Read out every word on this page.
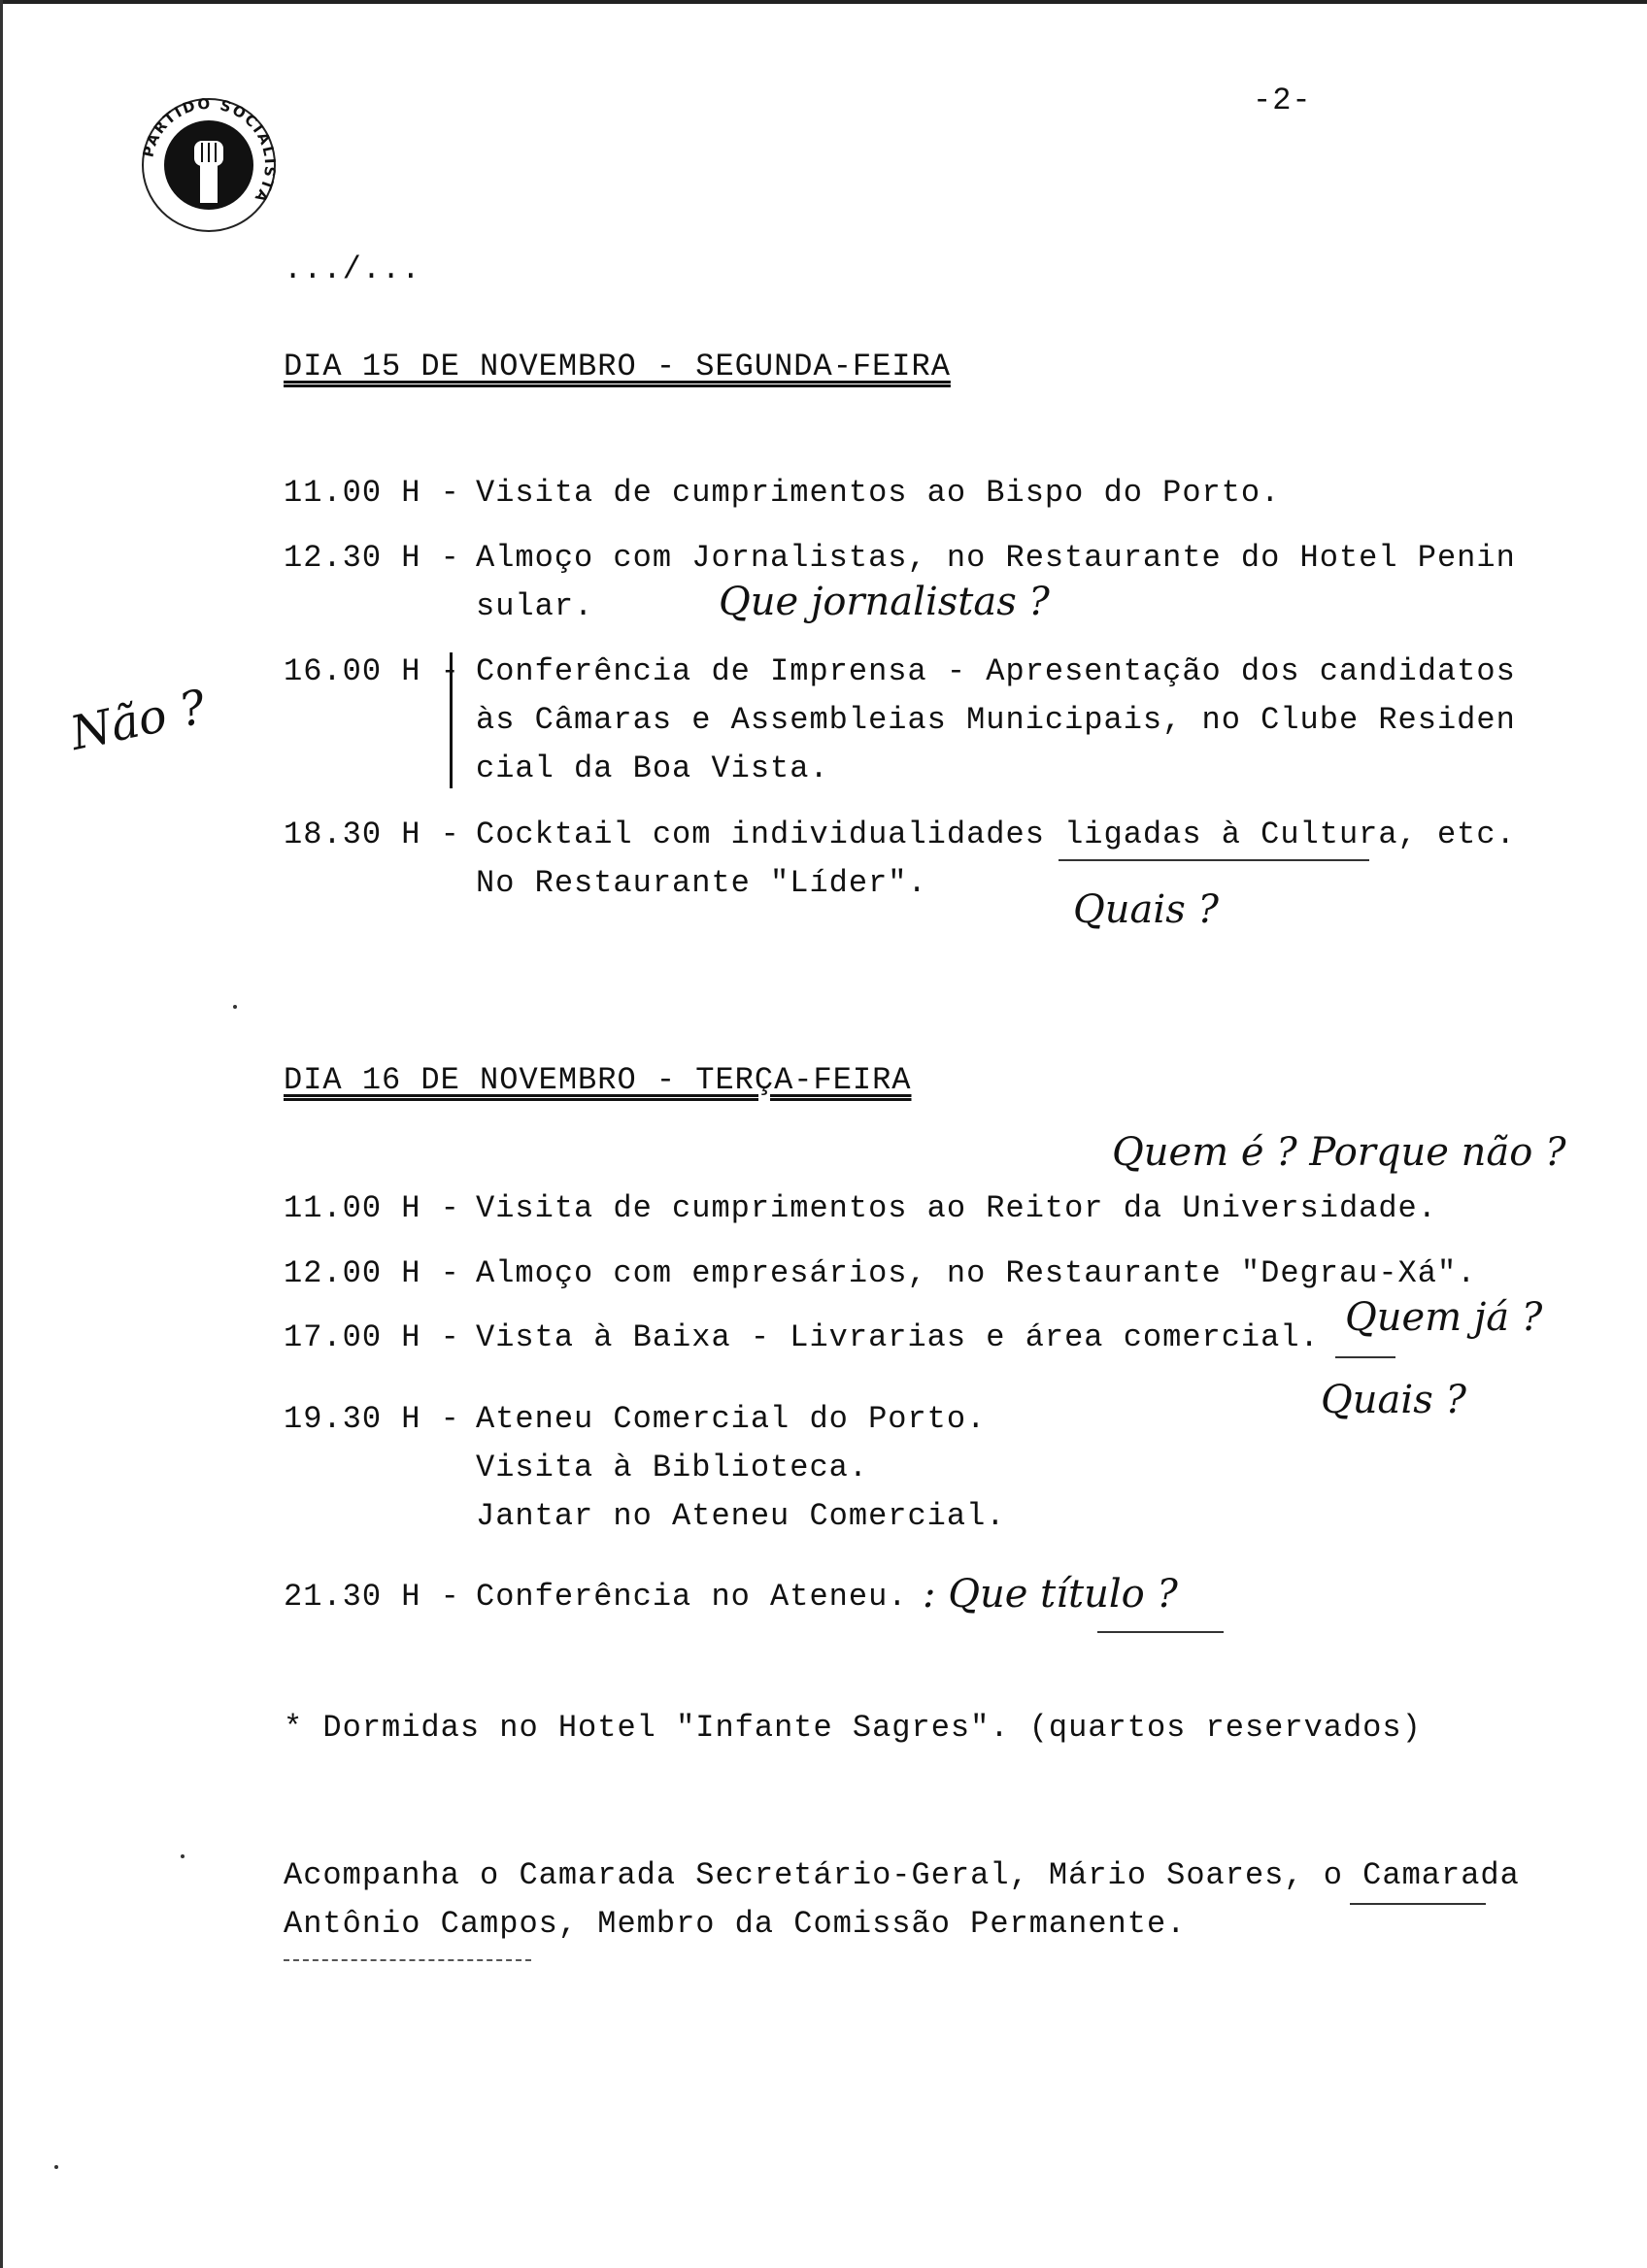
PARTIDO SOCIALISTA
-2-
.../...
DIA 15 DE NOVEMBRO - SEGUNDA-FEIRA
11.00 H - Visita de cumprimentos ao Bispo do Porto.
12.30 H - Almoço com Jornalistas, no Restaurante do Hotel Penin
sular.
16.00 H - Conferência de Imprensa - Apresentação dos candidatos
às Câmaras e Assembleias Municipais, no Clube Residen
cial da Boa Vista.
18.30 H - Cocktail com individualidades ligadas à Cultura, etc.
No Restaurante "Líder".
DIA 16 DE NOVEMBRO - TERÇA-FEIRA
11.00 H - Visita de cumprimentos ao Reitor da Universidade.
12.00 H - Almoço com empresários, no Restaurante "Degrau-Xá".
17.00 H - Vista à Baixa - Livrarias e área comercial.
19.30 H - Ateneu Comercial do Porto.
Visita à Biblioteca.
Jantar no Ateneu Comercial.
21.30 H - Conferência no Ateneu.
* Dormidas no Hotel "Infante Sagres". (quartos reservados)
Acompanha o Camarada Secretário-Geral, Mário Soares, o Camarada
Antônio Campos, Membro da Comissão Permanente.
Que jornalistas ?
Não ?
Quais ?
Quem é ? Porque não ?
Quem já ?
Quais ?
: Que título ?
